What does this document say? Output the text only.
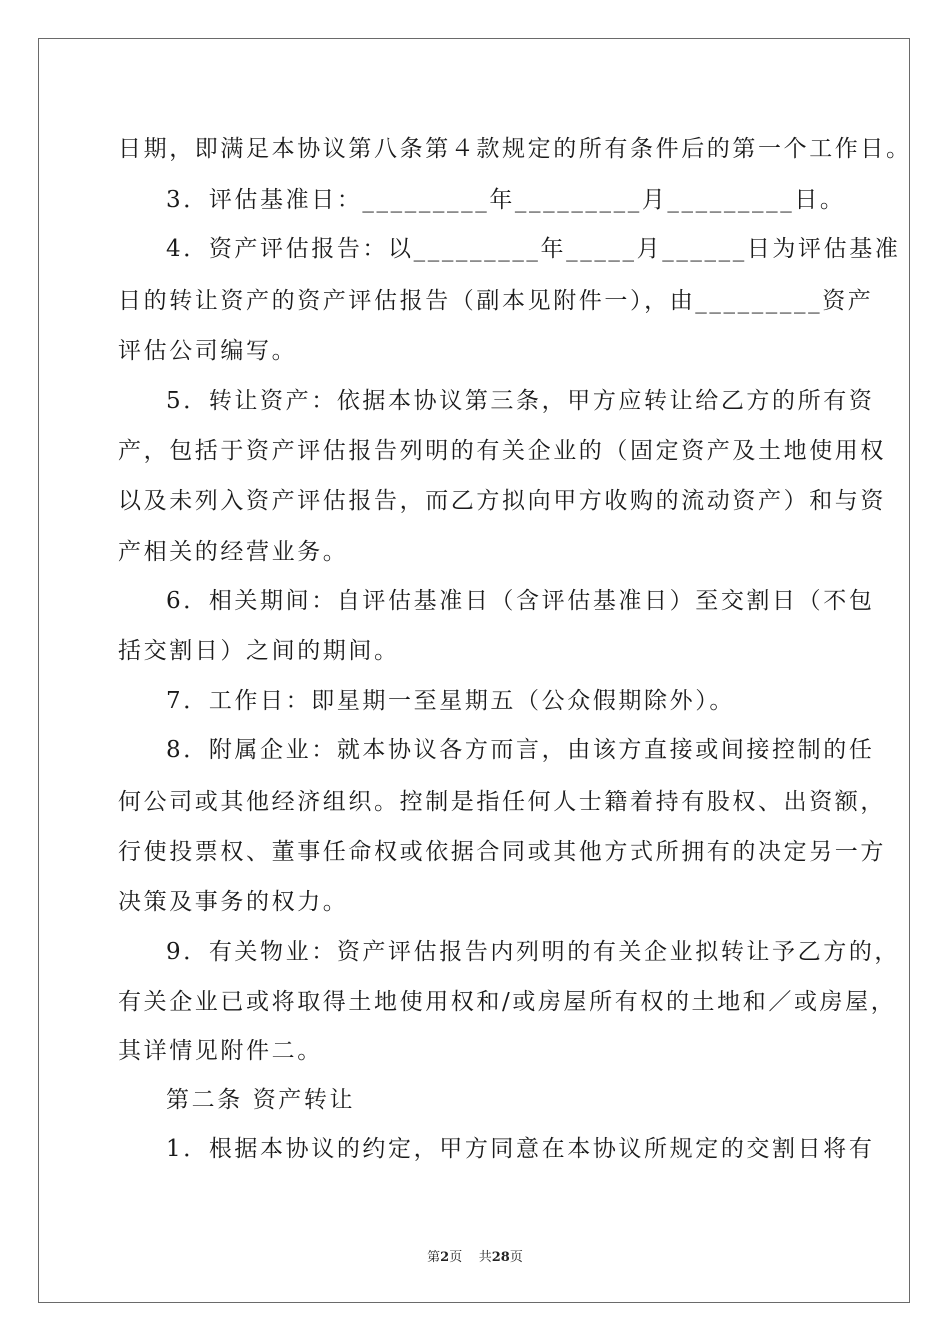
日期，即满足本协议第八条第４款规定的所有条件后的第一个工作日。
3．评估基准日：_________年_________月_________日。
4．资产评估报告：以_________年_____月______日为评估基准
日的转让资产的资产评估报告（副本见附件一），由_________资产
评估公司编写。
5．转让资产：依据本协议第三条，甲方应转让给乙方的所有资
产，包括于资产评估报告列明的有关企业的（固定资产及土地使用权
以及未列入资产评估报告，而乙方拟向甲方收购的流动资产）和与资
产相关的经营业务。
6．相关期间：自评估基准日（含评估基准日）至交割日（不包
括交割日）之间的期间。
7．工作日：即星期一至星期五（公众假期除外）。
8．附属企业：就本协议各方而言，由该方直接或间接控制的任
何公司或其他经济组织。控制是指任何人士籍着持有股权、出资额，
行使投票权、董事任命权或依据合同或其他方式所拥有的决定另一方
决策及事务的权力。
9．有关物业：资产评估报告内列明的有关企业拟转让予乙方的，
有关企业已或将取得土地使用权和/或房屋所有权的土地和／或房屋，
其详情见附件二。
第二条 资产转让
1．根据本协议的约定，甲方同意在本协议所规定的交割日将有
第2页 共28页
